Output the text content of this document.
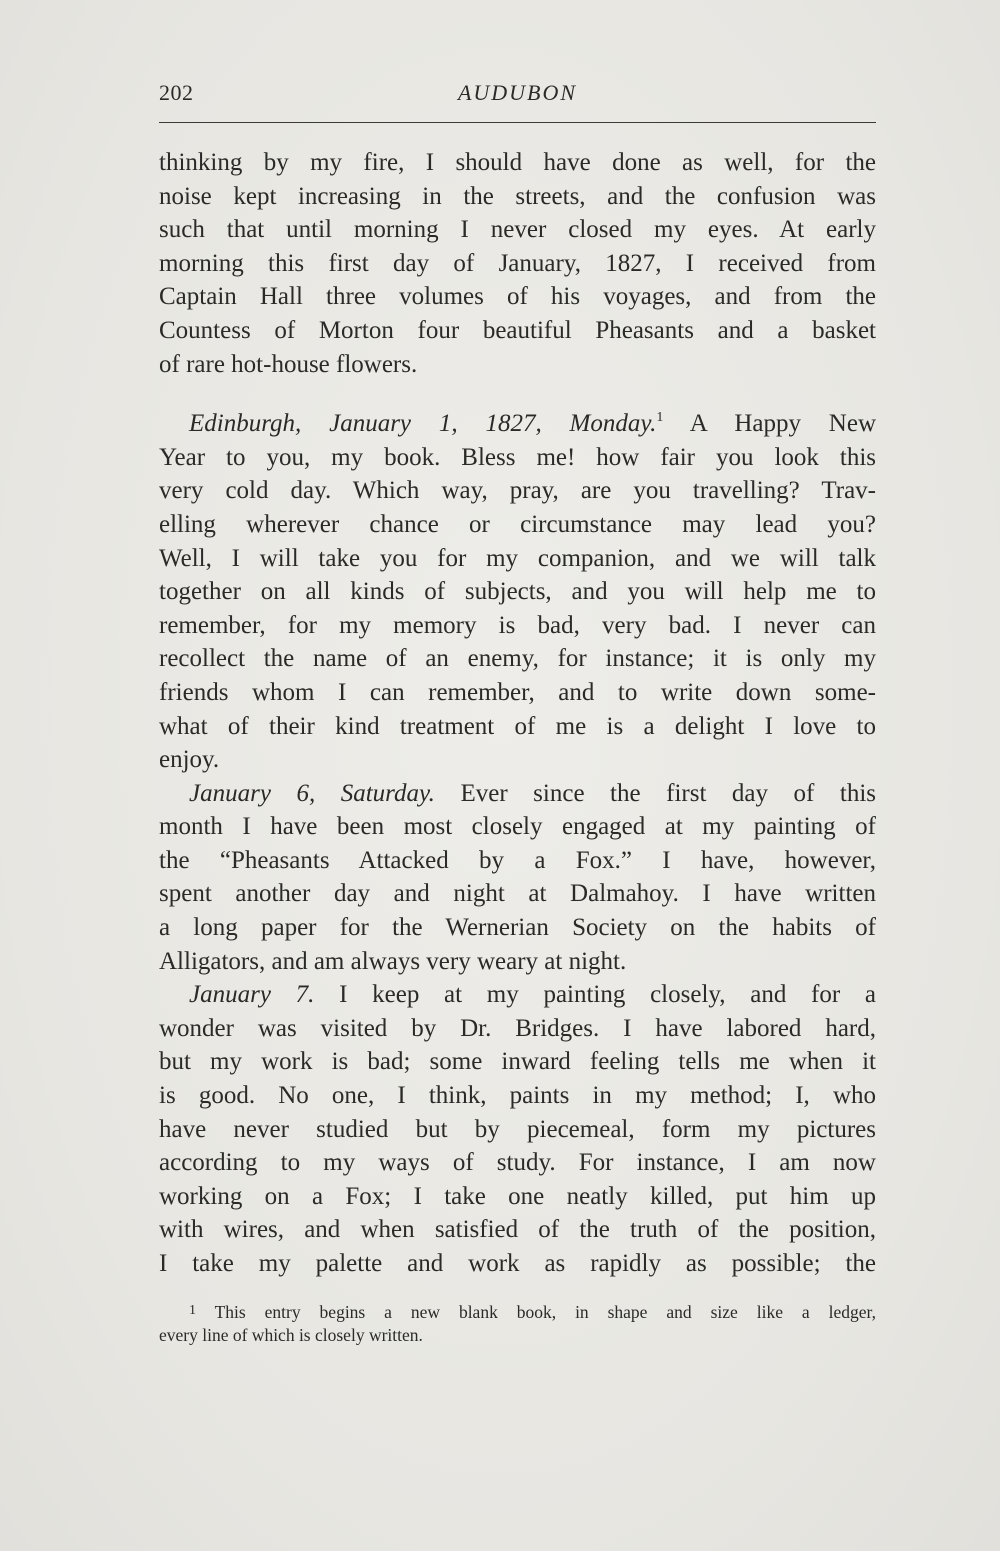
202	AUDUBON
thinking by my fire, I should have done as well, for the
noise kept increasing in the streets, and the confusion was
such that until morning I never closed my eyes. At early
morning this first day of January, 1827, I received from
Captain Hall three volumes of his voyages, and from the
Countess of Morton four beautiful Pheasants and a basket
of rare hot-house flowers.
Edinburgh, January 1, 1827, Monday.$^1$ A Happy New
Year to you, my book. Bless me! how fair you look this
very cold day. Which way, pray, are you travelling? Trav-
elling wherever chance or circumstance may lead you?
Well, I will take you for my companion, and we will talk
together on all kinds of subjects, and you will help me to
remember, for my memory is bad, very bad. I never can
recollect the name of an enemy, for instance; it is only my
friends whom I can remember, and to write down some-
what of their kind treatment of me is a delight I love to
enjoy.
January 6, Saturday. Ever since the first day of this
month I have been most closely engaged at my painting of
the “Pheasants Attacked by a Fox.” I have, however,
spent another day and night at Dalmahoy. I have written
a long paper for the Wernerian Society on the habits of
Alligators, and am always very weary at night.
January 7. I keep at my painting closely, and for a
wonder was visited by Dr. Bridges. I have labored hard,
but my work is bad; some inward feeling tells me when it
is good. No one, I think, paints in my method; I, who
have never studied but by piecemeal, form my pictures
according to my ways of study. For instance, I am now
working on a Fox; I take one neatly killed, put him up
with wires, and when satisfied of the truth of the position,
I take my palette and work as rapidly as possible; the
$^1$ This entry begins a new blank book, in shape and size like a ledger,
every line of which is closely written.
